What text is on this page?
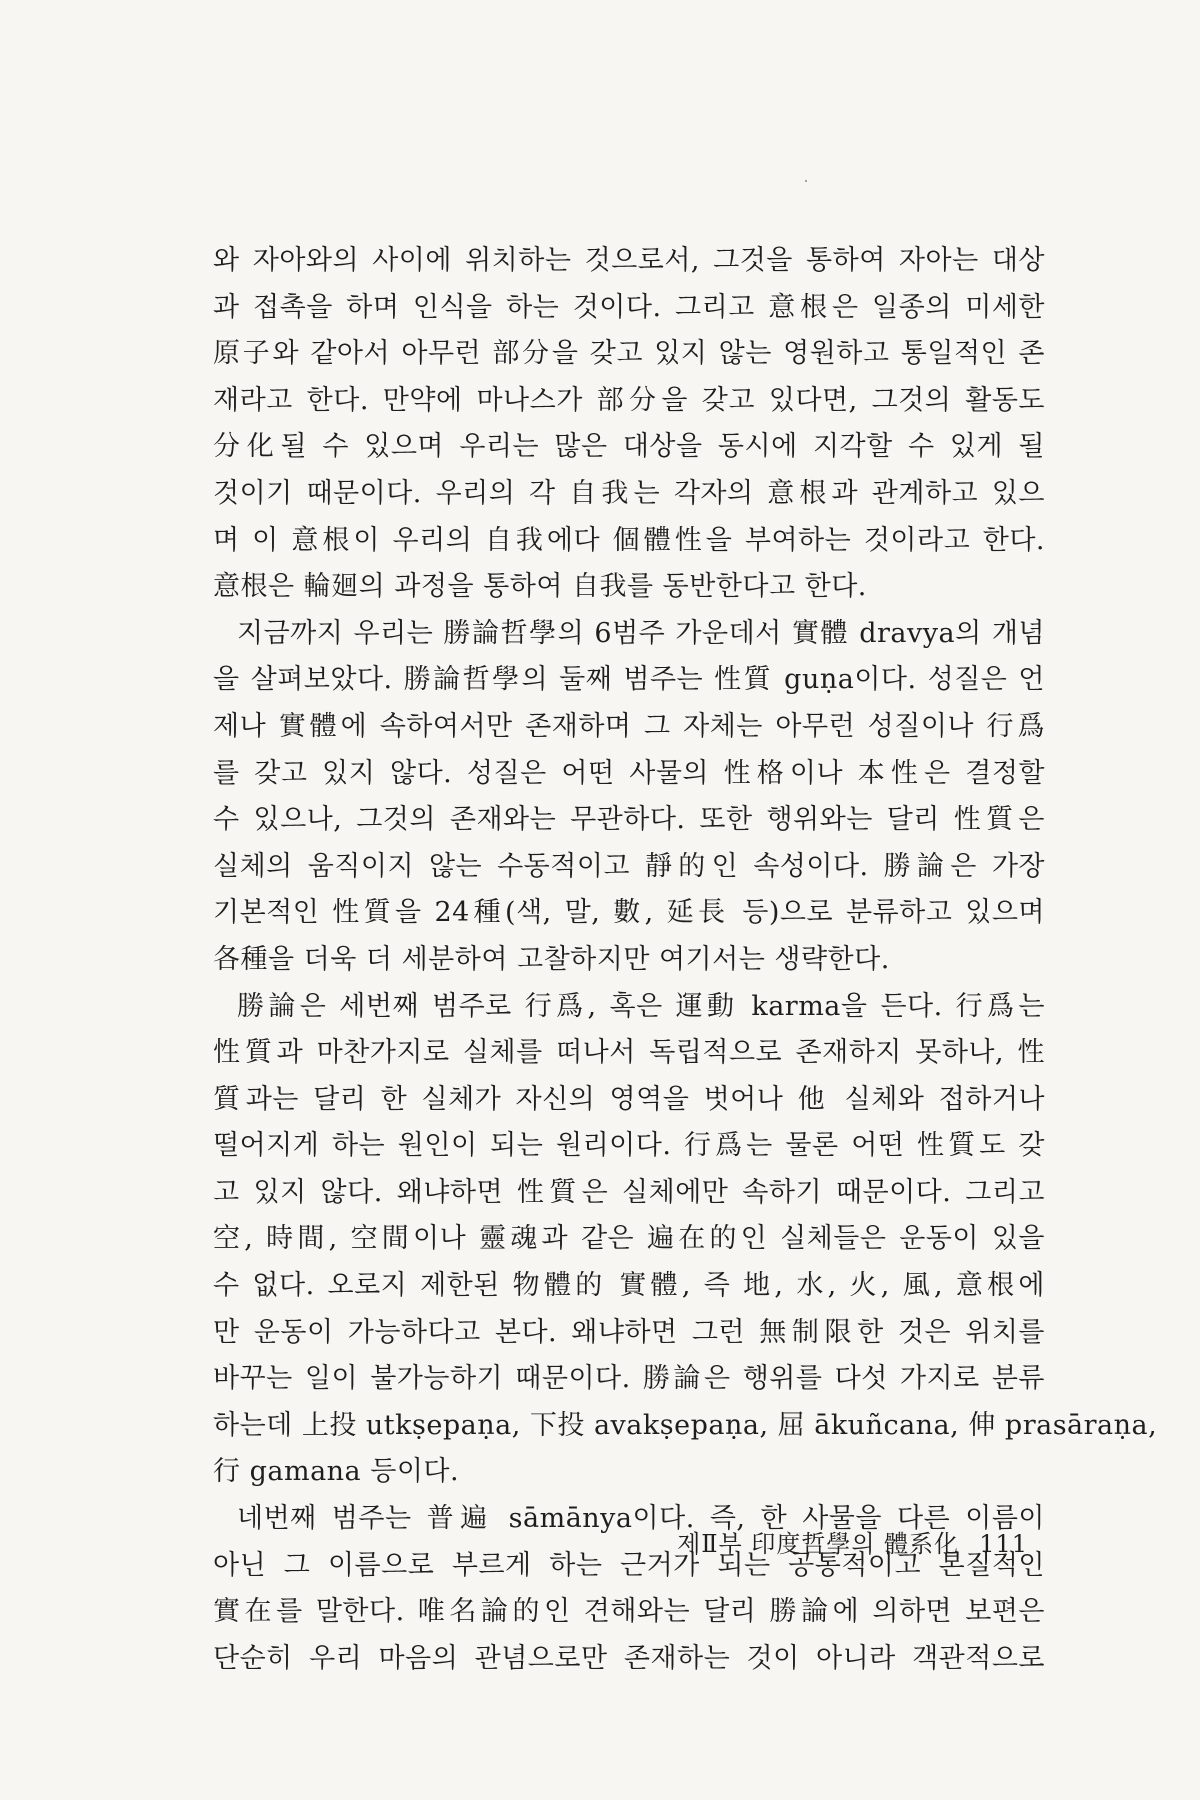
와 자아와의 사이에 위치하는 것으로서, 그것을 통하여 자아는 대상
과 접촉을 하며 인식을 하는 것이다. 그리고 意根은 일종의 미세한
原子와 같아서 아무런 部分을 갖고 있지 않는 영원하고 통일적인 존
재라고 한다. 만약에 마나스가 部分을 갖고 있다면, 그것의 활동도
分化될 수 있으며 우리는 많은 대상을 동시에 지각할 수 있게 될
것이기 때문이다. 우리의 각 自我는 각자의 意根과 관계하고 있으
며 이 意根이 우리의 自我에다 個體性을 부여하는 것이라고 한다.
意根은 輪廻의 과정을 통하여 自我를 동반한다고 한다.
지금까지 우리는 勝論哲學의 6범주 가운데서 實體 dravya의 개념
을 살펴보았다. 勝論哲學의 둘째 범주는 性質 guṇa이다. 성질은 언
제나 實體에 속하여서만 존재하며 그 자체는 아무런 성질이나 行爲
를 갖고 있지 않다. 성질은 어떤 사물의 性格이나 本性은 결정할
수 있으나, 그것의 존재와는 무관하다. 또한 행위와는 달리 性質은
실체의 움직이지 않는 수동적이고 靜的인 속성이다. 勝論은 가장
기본적인 性質을 24種(색, 말, 數, 延長 등)으로 분류하고 있으며
各種을 더욱 더 세분하여 고찰하지만 여기서는 생략한다.
勝論은 세번째 범주로 行爲, 혹은 運動 karma을 든다. 行爲는
性質과 마찬가지로 실체를 떠나서 독립적으로 존재하지 못하나, 性
質과는 달리 한 실체가 자신의 영역을 벗어나 他 실체와 접하거나
떨어지게 하는 원인이 되는 원리이다. 行爲는 물론 어떤 性質도 갖
고 있지 않다. 왜냐하면 性質은 실체에만 속하기 때문이다. 그리고
空, 時間, 空間이나 靈魂과 같은 遍在的인 실체들은 운동이 있을
수 없다. 오로지 제한된 物體的 實體, 즉 地, 水, 火, 風, 意根에
만 운동이 가능하다고 본다. 왜냐하면 그런 無制限한 것은 위치를
바꾸는 일이 불가능하기 때문이다. 勝論은 행위를 다섯 가지로 분류
하는데 上投 utkṣepaṇa, 下投 avakṣepaṇa, 屈 ākuñcana, 伸 prasāraṇa,
行 gamana 등이다.
네번째 범주는 普遍 sāmānya이다. 즉, 한 사물을 다른 이름이
아닌 그 이름으로 부르게 하는 근거가 되는 공통적이고 본질적인
實在를 말한다. 唯名論的인 견해와는 달리 勝論에 의하면 보편은
단순히 우리 마음의 관념으로만 존재하는 것이 아니라 객관적으로
제Ⅱ부 印度哲學의 體系化 111
